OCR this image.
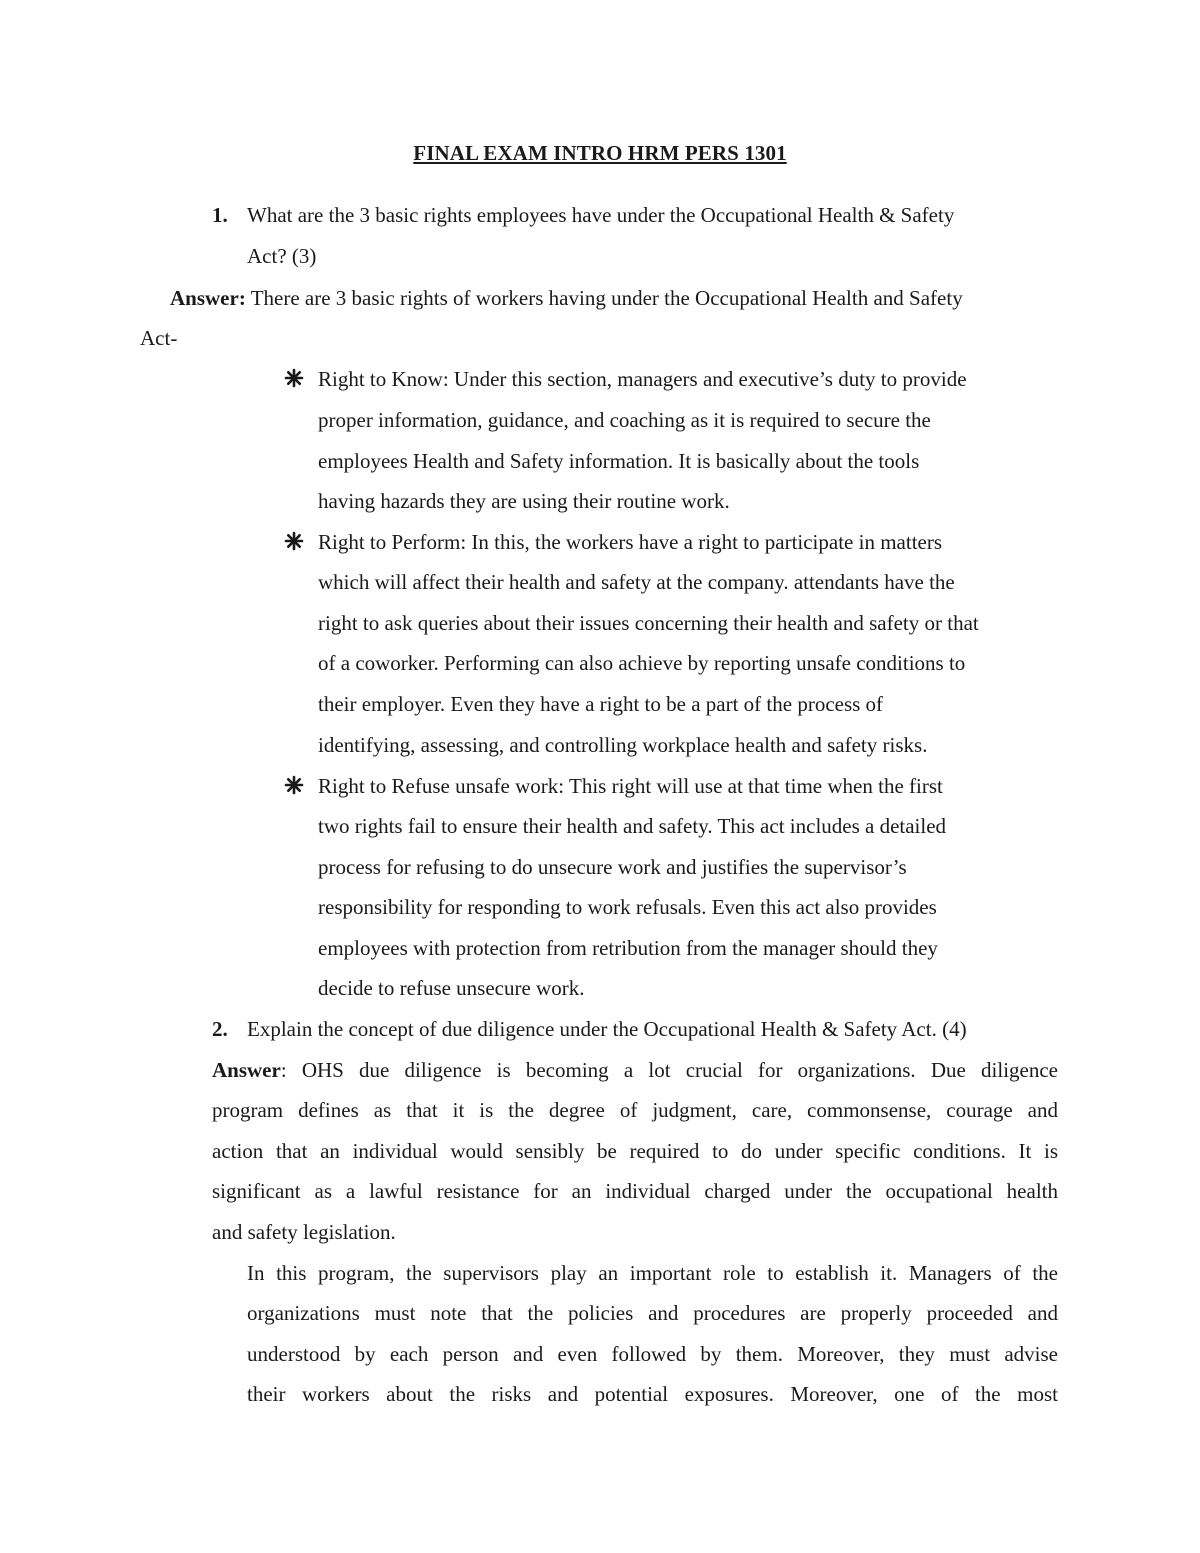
FINAL EXAM INTRO HRM PERS 1301
1. What are the 3 basic rights employees have under the Occupational Health & Safety
Act? (3)
Answer: There are 3 basic rights of workers having under the Occupational Health and Safety
Act-
Right to Know: Under this section, managers and executive’s duty to provide
proper information, guidance, and coaching as it is required to secure the
employees Health and Safety information. It is basically about the tools
having hazards they are using their routine work.
Right to Perform: In this, the workers have a right to participate in matters
which will affect their health and safety at the company. attendants have the
right to ask queries about their issues concerning their health and safety or that
of a coworker. Performing can also achieve by reporting unsafe conditions to
their employer. Even they have a right to be a part of the process of
identifying, assessing, and controlling workplace health and safety risks.
Right to Refuse unsafe work: This right will use at that time when the first
two rights fail to ensure their health and safety. This act includes a detailed
process for refusing to do unsecure work and justifies the supervisor’s
responsibility for responding to work refusals. Even this act also provides
employees with protection from retribution from the manager should they
decide to refuse unsecure work.
2. Explain the concept of due diligence under the Occupational Health & Safety Act. (4)
Answer: OHS due diligence is becoming a lot crucial for organizations. Due diligence
program defines as that it is the degree of judgment, care, commonsense, courage and
action that an individual would sensibly be required to do under specific conditions. It is
significant as a lawful resistance for an individual charged under the occupational health
and safety legislation.
In this program, the supervisors play an important role to establish it. Managers of the
organizations must note that the policies and procedures are properly proceeded and
understood by each person and even followed by them. Moreover, they must advise
their workers about the risks and potential exposures. Moreover, one of the most
